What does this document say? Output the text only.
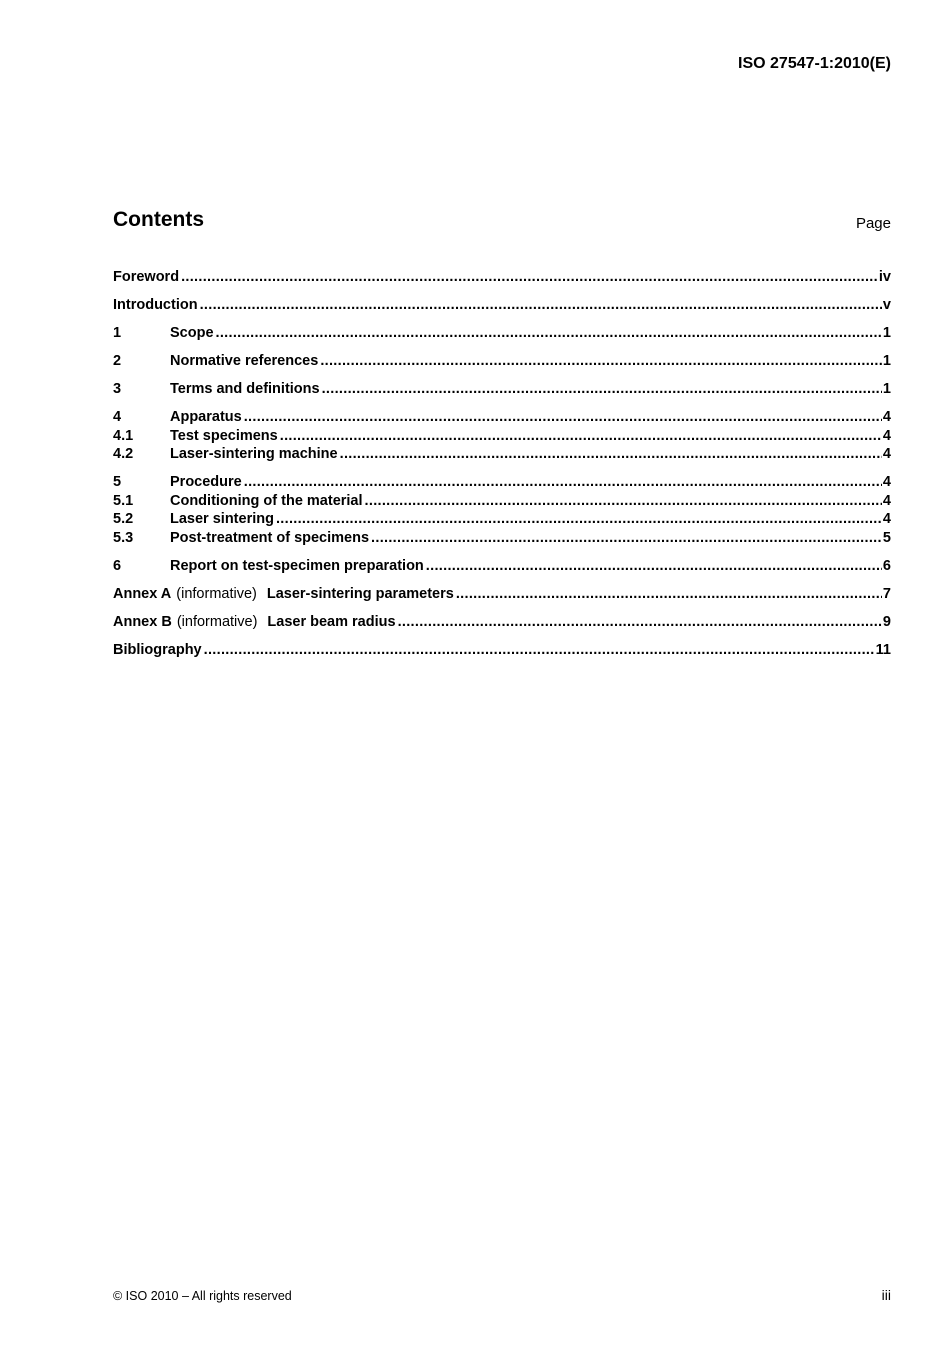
ISO 27547-1:2010(E)
Contents	Page
Foreword .....	iv
Introduction .....	v
1	Scope .....	1
2	Normative references .....	1
3	Terms and definitions .....	1
4	Apparatus .....	4
4.1	Test specimens .....	4
4.2	Laser-sintering machine .....	4
5	Procedure .....	4
5.1	Conditioning of the material .....	4
5.2	Laser sintering .....	4
5.3	Post-treatment of specimens .....	5
6	Report on test-specimen preparation .....	6
Annex A (informative) Laser-sintering parameters .....	7
Annex B (informative) Laser beam radius .....	9
Bibliography .....	11
© ISO 2010 – All rights reserved	iii
